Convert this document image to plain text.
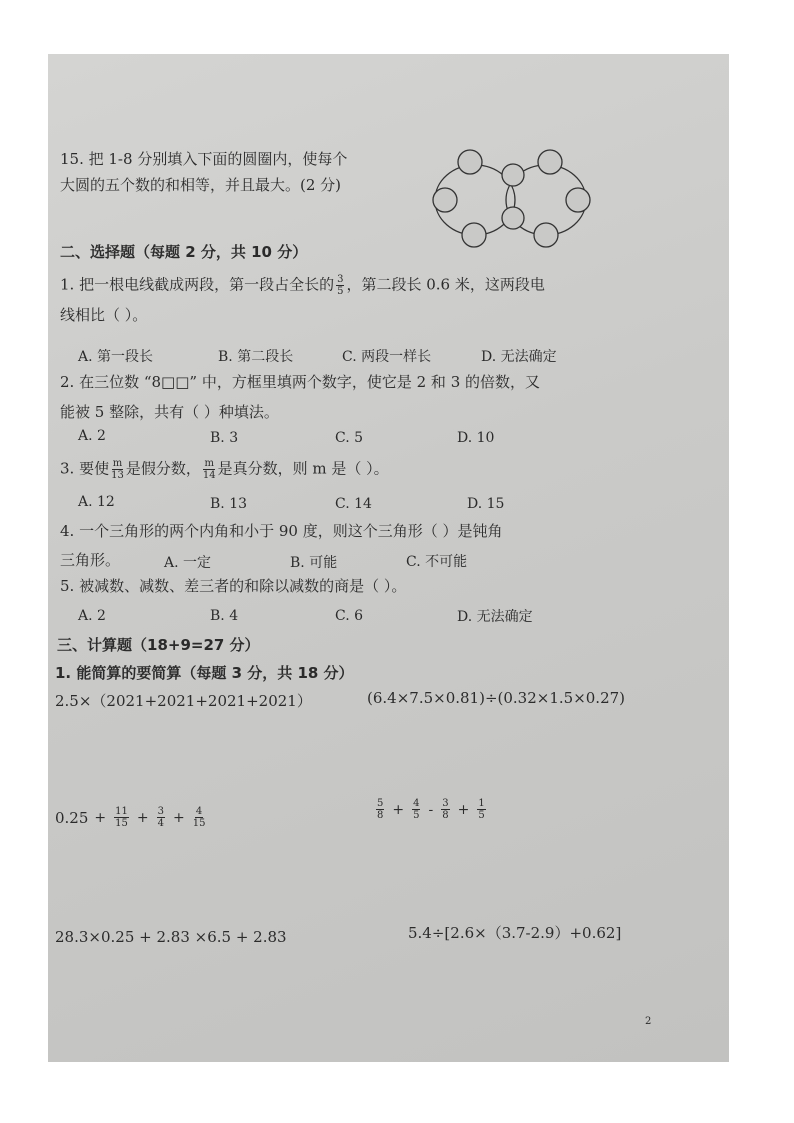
15. 把 1-8 分别填入下面的圆圈内，使每个
大圆的五个数的和相等，并且最大。(2 分)
二、选择题（每题 2 分，共 10 分）
1. 把一根电线截成两段，第一段占全长的 $\frac{3}{5}$ ，第二段长 0.6 米，这两段电
线相比（ ）。
A. 第一段长	B. 第二段长	C. 两段一样长	D. 无法确定
2. 在三位数 “8□□” 中，方框里填两个数字，使它是 2 和 3 的倍数，又
能被 5 整除，共有（ ）种填法。
A. 2	B. 3	C. 5	D. 10
3. 要使 $\frac{m}{13}$ 是假分数， $\frac{m}{14}$ 是真分数，则 m 是（ ）。
A. 12	B. 13	C. 14	D. 15
4. 一个三角形的两个内角和小于 90 度，则这个三角形（ ）是钝角
三角形。	A. 一定	B. 可能	C. 不可能
5. 被减数、减数、差三者的和除以减数的商是（ ）。
A. 2	B. 4	C. 6	D. 无法确定
三、计算题（18+9=27 分）
1. 能简算的要简算（每题 3 分，共 18 分）
2.5×（2021+2021+2021+2021）	(6.4×7.5×0.81)÷(0.32×1.5×0.27)
$0.25 + \frac{11}{15} + \frac{3}{4} + \frac{4}{15}$	$\frac{5}{8} + \frac{4}{5} - \frac{3}{8} + \frac{1}{5}$
28.3×0.25 + 2.83 ×6.5 + 2.83	5.4÷[2.6×（3.7-2.9）+0.62]
2
